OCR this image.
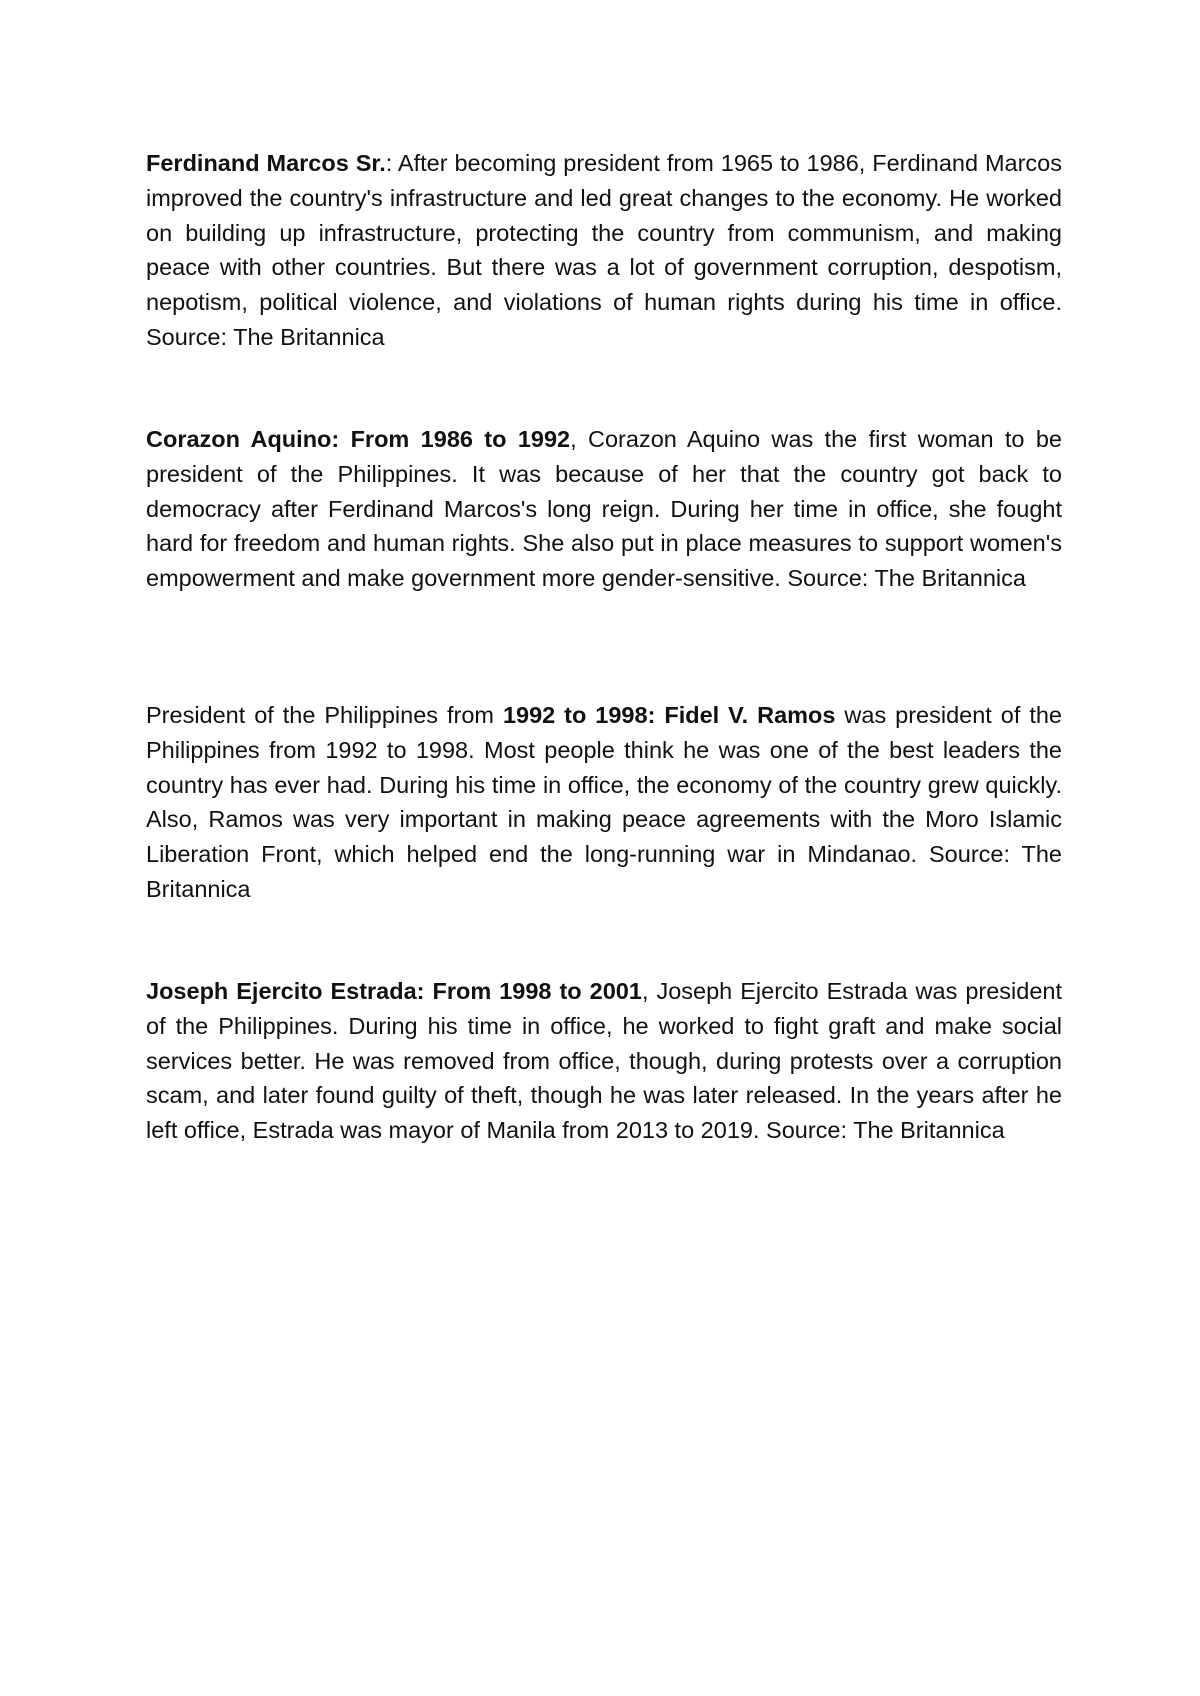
Ferdinand Marcos Sr.: After becoming president from 1965 to 1986, Ferdinand Marcos improved the country's infrastructure and led great changes to the economy. He worked on building up infrastructure, protecting the country from communism, and making peace with other countries. But there was a lot of government corruption, despotism, nepotism, political violence, and violations of human rights during his time in office. Source: The Britannica

Corazon Aquino: From 1986 to 1992, Corazon Aquino was the first woman to be president of the Philippines. It was because of her that the country got back to democracy after Ferdinand Marcos's long reign. During her time in office, she fought hard for freedom and human rights. She also put in place measures to support women's empowerment and make government more gender-sensitive. Source: The Britannica

President of the Philippines from 1992 to 1998: Fidel V. Ramos was president of the Philippines from 1992 to 1998. Most people think he was one of the best leaders the country has ever had. During his time in office, the economy of the country grew quickly. Also, Ramos was very important in making peace agreements with the Moro Islamic Liberation Front, which helped end the long-running war in Mindanao. Source: The Britannica

Joseph Ejercito Estrada: From 1998 to 2001, Joseph Ejercito Estrada was president of the Philippines. During his time in office, he worked to fight graft and make social services better. He was removed from office, though, during protests over a corruption scam, and later found guilty of theft, though he was later released. In the years after he left office, Estrada was mayor of Manila from 2013 to 2019. Source: The Britannica
